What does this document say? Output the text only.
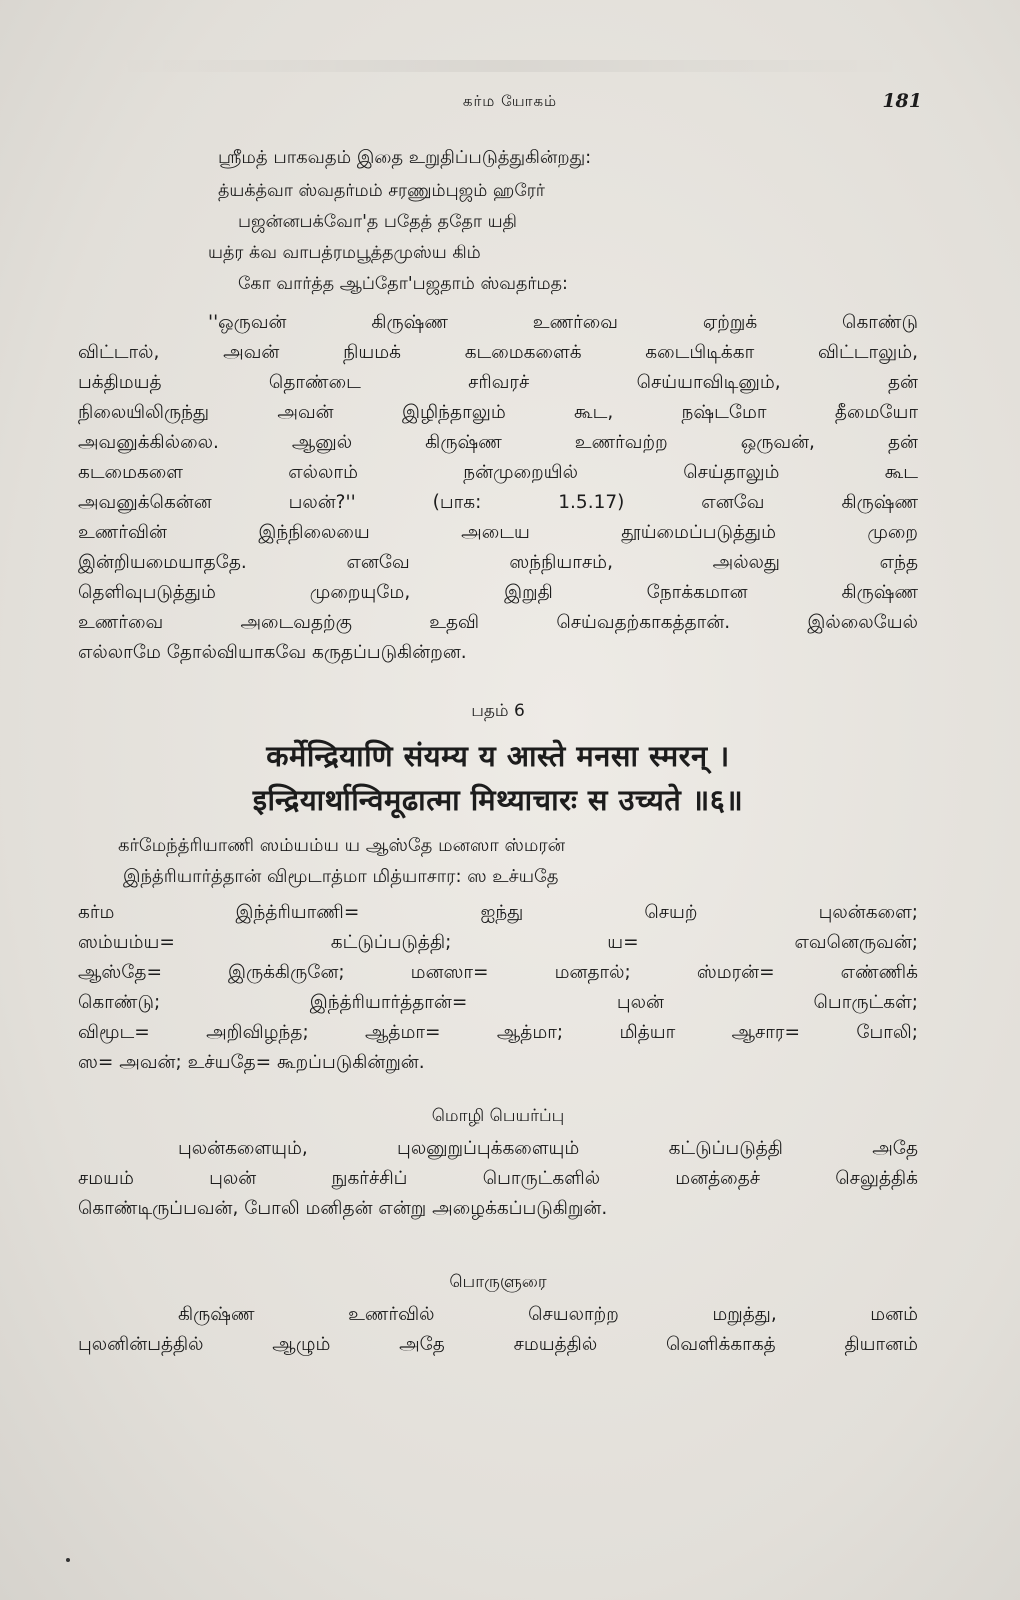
கர்ம யோகம்	181

ஸ்ரீமத் பாகவதம் இதை உறுதிப்படுத்துகின்றது:

த்யக்த்வா ஸ்வதர்மம் சரணும்புஜம் ஹரேர்

பஜன்னபக்வோ'த பதேத் ததோ யதி

யத்ர க்வ வாபத்ரமபூத்தமுஸ்ய கிம்

கோ வார்த்த ஆப்தோ'பஜதாம் ஸ்வதர்மத:

''ஒருவன் கிருஷ்ண உணர்வை ஏற்றுக் கொண்டு
விட்டால், அவன் நியமக் கடமைகளைக் கடைபிடிக்கா விட்டாலும்,
பக்திமயத் தொண்டை சரிவரச் செய்யாவிடினும், தன்
நிலையிலிருந்து அவன் இழிந்தாலும் கூட, நஷ்டமோ தீமையோ
அவனுக்கில்லை. ஆனுல் கிருஷ்ண உணர்வற்ற ஒருவன், தன்
கடமைகளை எல்லாம் நன்முறையில் செய்தாலும் கூட
அவனுக்கென்ன பலன்?'' (பாக: 1.5.17) எனவே கிருஷ்ண
உணர்வின் இந்நிலையை அடைய தூய்மைப்படுத்தும் முறை
இன்றியமையாததே. எனவே ஸந்நியாசம், அல்லது எந்த
தெளிவுபடுத்தும் முறையுமே, இறுதி நோக்கமான கிருஷ்ண
உணர்வை அடைவதற்கு உதவி செய்வதற்காகத்தான். இல்லையேல்
எல்லாமே தோல்வியாகவே கருதப்படுகின்றன.

பதம் 6

कर्मेन्द्रियाणि संयम्य य आस्ते मनसा स्मरन् ।

इन्द्रियार्थान्विमूढात्मा मिथ्याचारः स उच्यते ॥६॥

கர்மேந்த்ரியாணி ஸம்யம்ய ய ஆஸ்தே மனஸா ஸ்மரன்

இந்த்ரியார்த்தான் விமூடாத்மா மித்யாசார: ஸ உச்யதே

கர்ம இந்த்ரியாணி= ஐந்து செயற் புலன்களை;
ஸம்யம்ய= கட்டுப்படுத்தி; ய= எவனெருவன்;
ஆஸ்தே= இருக்கிருனே; மனஸா= மனதால்; ஸ்மரன்= எண்ணிக்
கொண்டு; இந்த்ரியார்த்தான்= புலன் பொருட்கள்;
விமூட= அறிவிழந்த; ஆத்மா= ஆத்மா; மித்யா ஆசார= போலி;
ஸ= அவன்; உச்யதே= கூறப்படுகின்றுன்.

மொழி பெயர்ப்பு

புலன்களையும், புலனுறுப்புக்களையும் கட்டுப்படுத்தி அதே
சமயம் புலன் நுகர்ச்சிப் பொருட்களில் மனத்தைச் செலுத்திக்
கொண்டிருப்பவன், போலி மனிதன் என்று அழைக்கப்படுகிறுன்.

பொருளுரை

கிருஷ்ண உணர்வில் செயலாற்ற மறுத்து, மனம்
புலனின்பத்தில் ஆழும் அதே சமயத்தில் வெளிக்காகத் தியானம்
